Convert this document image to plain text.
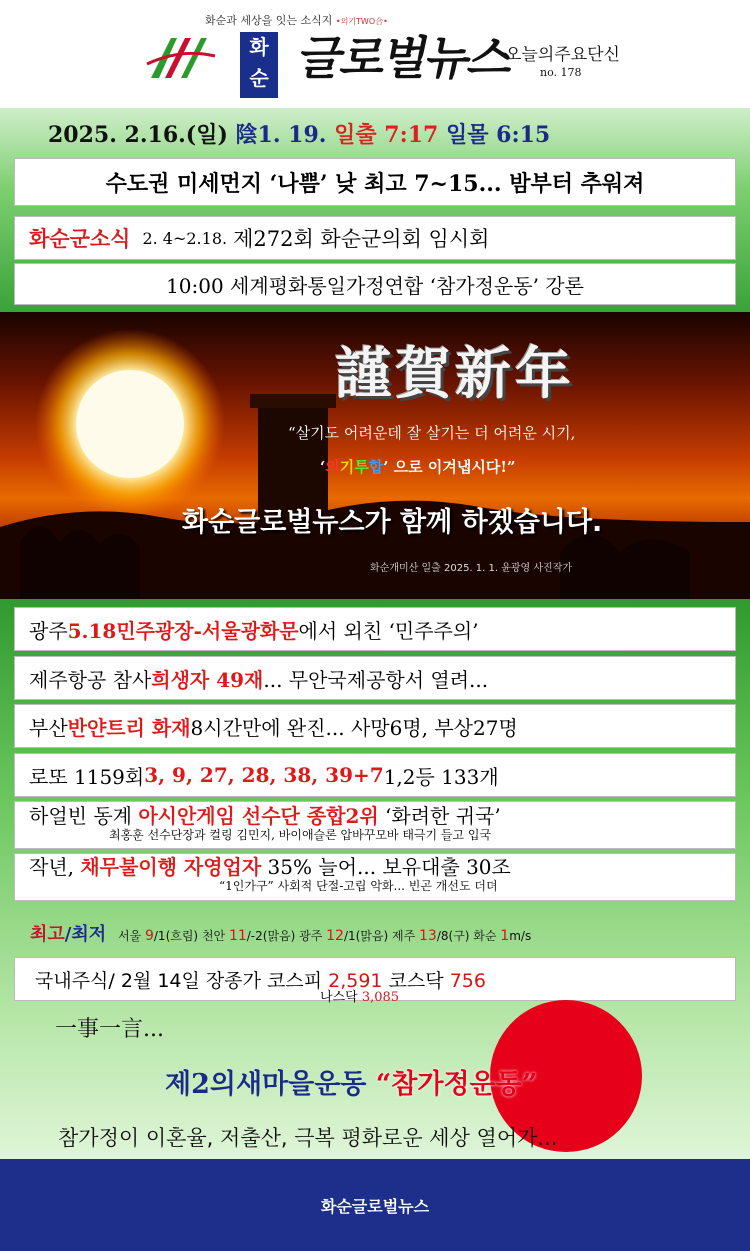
화순과 세상을 잇는 소식지 •의기TWO合•
화
순 글로벌뉴스
오늘의주요단신
no. 178
2025. 2.16.(일) 陰1. 19. 일출 7:17 일몰 6:15
수도권 미세먼지 ‘나쁨’ 낮 최고 7~15... 밤부터 추워져
화순군소식 2. 4~2.18. 제272회 화순군의회 임시회
10:00 세계평화통일가정연합 ‘참가정운동’ 강론
謹賀新年
“살기도 어려운데 잘 살기는 더 어려운 시기,
‘의기투합’ 으로 이겨냅시다!”
화순글로벌뉴스가 함께 하겠습니다.
화순개미산 일출 2025. 1. 1. 윤광영 사진작가
광주 5.18민주광장-서울광화문 에서 외친 ‘민주주의’
제주항공 참사 희생자 49재 ... 무안국제공항서 열려...
부산 반얀트리 화재 8시간만에 완진... 사망6명, 부상27명
로또 1159회 3, 9, 27, 28, 38, 39+7 1,2등 133개
하얼빈 동계 아시안게임 선수단 종합2위 ‘화려한 귀국’
최홍훈 선수단장과 컬링 김민지, 바이애슬론 압바꾸모바 태극기 들고 입국
작년, 채무불이행 자영업자 35% 늘어... 보유대출 30조
“1인가구” 사회적 단절-고립 악화... 빈곤 개선도 더뎌
최고/최저 서울 9/1(흐림) 천안 11/-2(맑음) 광주 12/1(맑음) 제주 13/8(구) 화순 1m/s
국내주식/ 2월 14일 장종가 코스피 2,591 코스닥 756
나스닥 3,085
一事一言...
제2의새마을운동 “참가정운동”
참가정이 이혼율, 저출산, 극복 평화로운 세상 열어가...
화순글로벌뉴스
